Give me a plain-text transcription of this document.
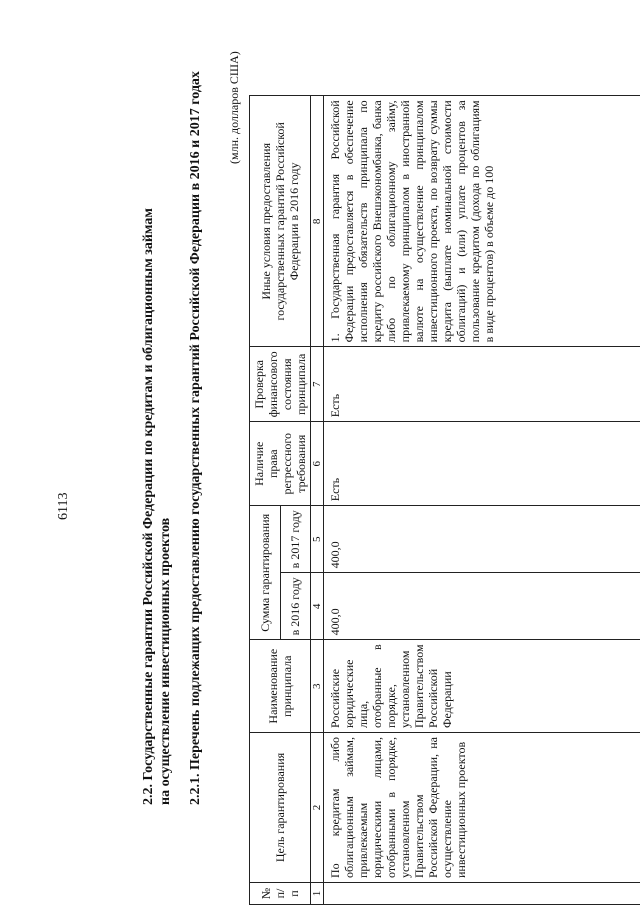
6113	2.2. Государственные гарантии Российской Федерации по кредитам и облигационным займам на осуществление инвестиционных проектов 2.2.1. Перечень подлежащих предоставлению государственных гарантий Российской Федерации в 2016 и 2017 годах (млн. долларов США)
№ п/п	Цель гарантирования	Наименование принципала	Сумма гарантирования		Наличие права регрессного требования	Проверка финансового состояния принципала	Иные условия предоставления государственных гарантий Российской Федерации в 2016 году
			в 2016 году	в 2017 году			
1	2	3	4	5	6	7	8
	По кредитам либо облигационным займам, привлекаемым юридическими лицами, отобранными в порядке, установленном Правительством Российской Федерации, на осуществление инвестиционных проектов	Российские юридические лица, отобранные в порядке, установленном Правительством Российской Федерации	400,0	400,0	Есть	Есть	1. Государственная гарантия Российской Федерации предоставляется в обеспечение исполнения обязательств принципала по кредиту российского Внешэкономбанка, банка либо по облигационному займу, привлекаемому принципалом в иностранной валюте на осуществление принципалом инвестиционного проекта, по возврату суммы кредита (выплате номинальной стоимости облигаций) и (или) уплате процентов за пользование кредитом (дохода по облигациям в виде процентов) в объеме до 100
